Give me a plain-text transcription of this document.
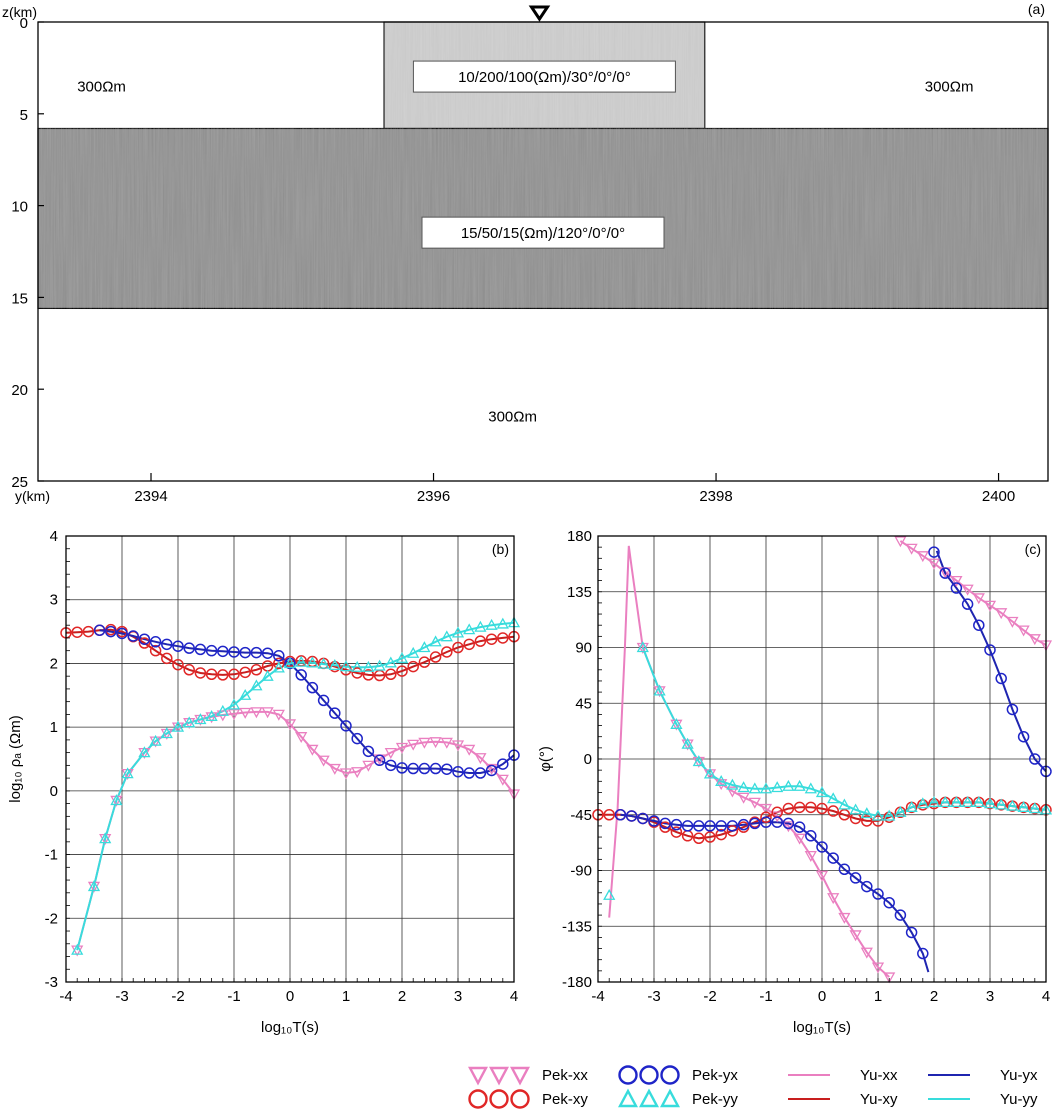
10/200/100(Ωm)/30°/0°/0°
15/50/15(Ωm)/120°/0°/0°
0
5
10
15
20
25
2394	2396	2398	2400
300Ωm	300Ωm
300Ωm
z(km)
y(km)
(a)
-4	-3	-2	-1	0	1	2	3	4
-3
-2
-1
0
1
2
3
4
(b)
log₁₀T(s)
log₁₀ ρₐ (Ωm)
-4	-3	-2	-1	0	1	2	3	4
-180
-135
-90
-45
0
45
90
135
180
(c)
log₁₀T(s)
φ(°)
Pek-xx	Pek-yx	Yu-xx	Yu-yx
Pek-xy	Pek-yy	Yu-xy	Yu-yy
